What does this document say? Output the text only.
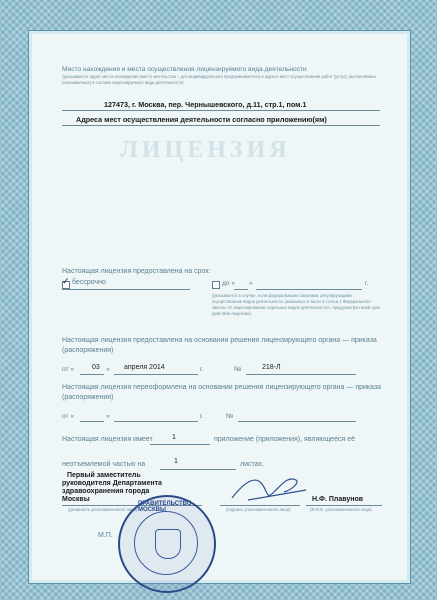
Место нахождения и места осуществления лицензируемого вида деятельности
(указываются адрес места нахождения (место жительства – для индивидуального предпринимателя) и адреса мест осуществления работ (услуг), выполняемых (оказываемых) в составе лицензируемого вида деятельности)
127473, г. Москва, пер. Чернышевского, д.11, стр.1, пом.1
Адреса мест осуществления деятельности согласно приложению(ям)
ЛИЦЕНЗИЯ
Настоящая лицензия предоставлена на срок:
✓ бессрочно	до « »	г.
(указывается в случае, если федеральными законами, регулирующими осуществление видов деятельности, указанных в части 4 статьи 1 Федерального закона «О лицензировании отдельных видов деятельности», предусмотрен иной срок действия лицензии)
Настоящая лицензия предоставлена на основании решения лицензирующего органа — приказа (распоряжения)
от «	03 » апреля 2014	г.	№	218-Л
Настоящая лицензия переоформлена на основании решения лицензирующего органа — приказа (распоряжения)
от «	»	г.	№
Настоящая лицензия имеет	1	приложение (приложения), являющееся её
неотъемлемой частью на	1	листах.
Первый заместитель
руководителя Департамента
здравоохранения города
Москвы
(должность уполномоченного лица)	(подпись уполномоченного лица)
Н.Ф. Плавунов
(Ф.И.О. уполномоченного лица)
М.П.
ПРАВИТЕЛЬСТВО МОСКВЫ
